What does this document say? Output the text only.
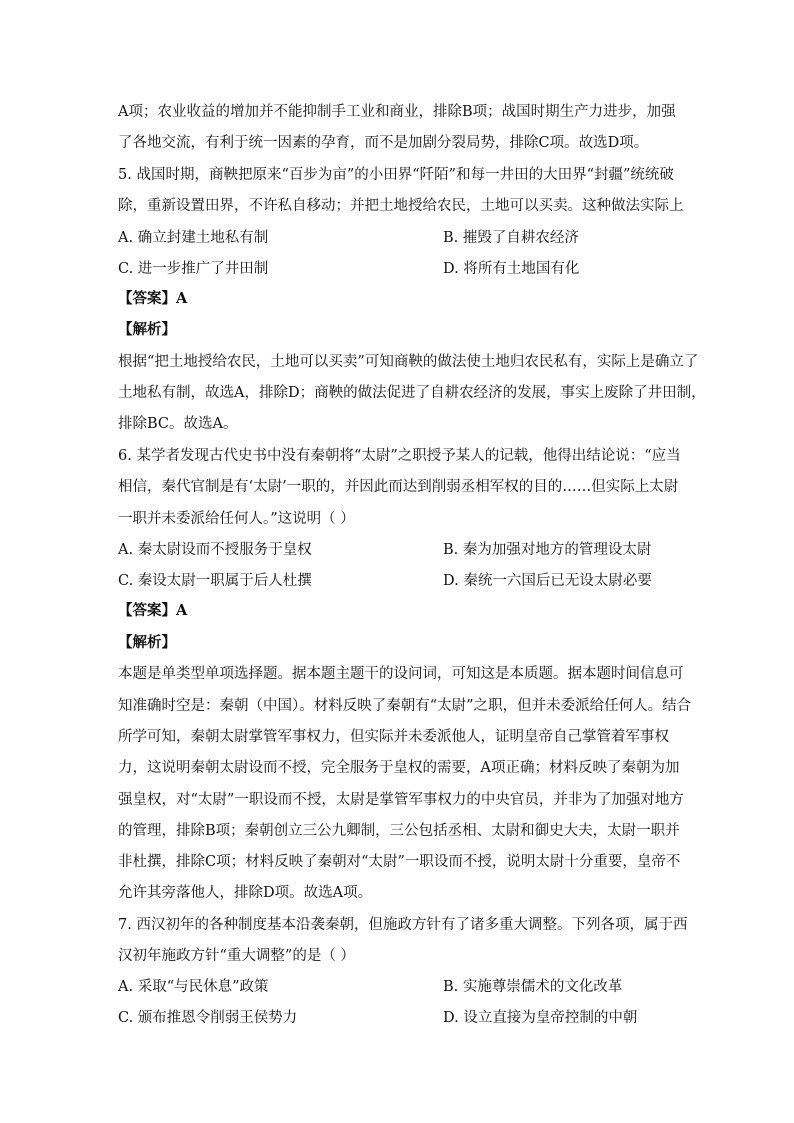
A项；农业收益的增加并不能抑制手工业和商业，排除B项；战国时期生产力进步，加强
了各地交流，有利于统一因素的孕育，而不是加剧分裂局势，排除C项。故选D项。
5. 战国时期，商鞅把原来“百步为亩”的小田界“阡陌”和每一井田的大田界“封疆”统统破
除，重新设置田界，不许私自移动；并把土地授给农民，土地可以买卖。这种做法实际上
A. 确立封建土地私有制	B. 摧毁了自耕农经济
C. 进一步推广了井田制	D. 将所有土地国有化
【答案】A
【解析】
根据“把土地授给农民，土地可以买卖”可知商鞅的做法使土地归农民私有，实际上是确立了
土地私有制，故选A，排除D；商鞅的做法促进了自耕农经济的发展，事实上废除了井田制，
排除BC。故选A。
6. 某学者发现古代史书中没有秦朝将“太尉”之职授予某人的记载，他得出结论说：“应当
相信，秦代官制是有‘太尉’一职的，并因此而达到削弱丞相军权的目的……但实际上太尉
一职并未委派给任何人。”这说明（ ）
A. 秦太尉设而不授服务于皇权	B. 秦为加强对地方的管理设太尉
C. 秦设太尉一职属于后人杜撰	D. 秦统一六国后已无设太尉必要
【答案】A
【解析】
本题是单类型单项选择题。据本题主题干的设问词，可知这是本质题。据本题时间信息可
知准确时空是：秦朝（中国）。材料反映了秦朝有“太尉”之职，但并未委派给任何人。结合
所学可知，秦朝太尉掌管军事权力，但实际并未委派他人，证明皇帝自己掌管着军事权
力，这说明秦朝太尉设而不授，完全服务于皇权的需要，A项正确；材料反映了秦朝为加
强皇权，对“太尉”一职设而不授，太尉是掌管军事权力的中央官员，并非为了加强对地方
的管理，排除B项；秦朝创立三公九卿制，三公包括丞相、太尉和御史大夫，太尉一职并
非杜撰，排除C项；材料反映了秦朝对“太尉”一职设而不授，说明太尉十分重要，皇帝不
允许其旁落他人，排除D项。故选A项。
7. 西汉初年的各种制度基本沿袭秦朝，但施政方针有了诸多重大调整。下列各项，属于西
汉初年施政方针“重大调整”的是（ ）
A. 采取“与民休息”政策	B. 实施尊崇儒术的文化改革
C. 颁布推恩令削弱王侯势力	D. 设立直接为皇帝控制的中朝
